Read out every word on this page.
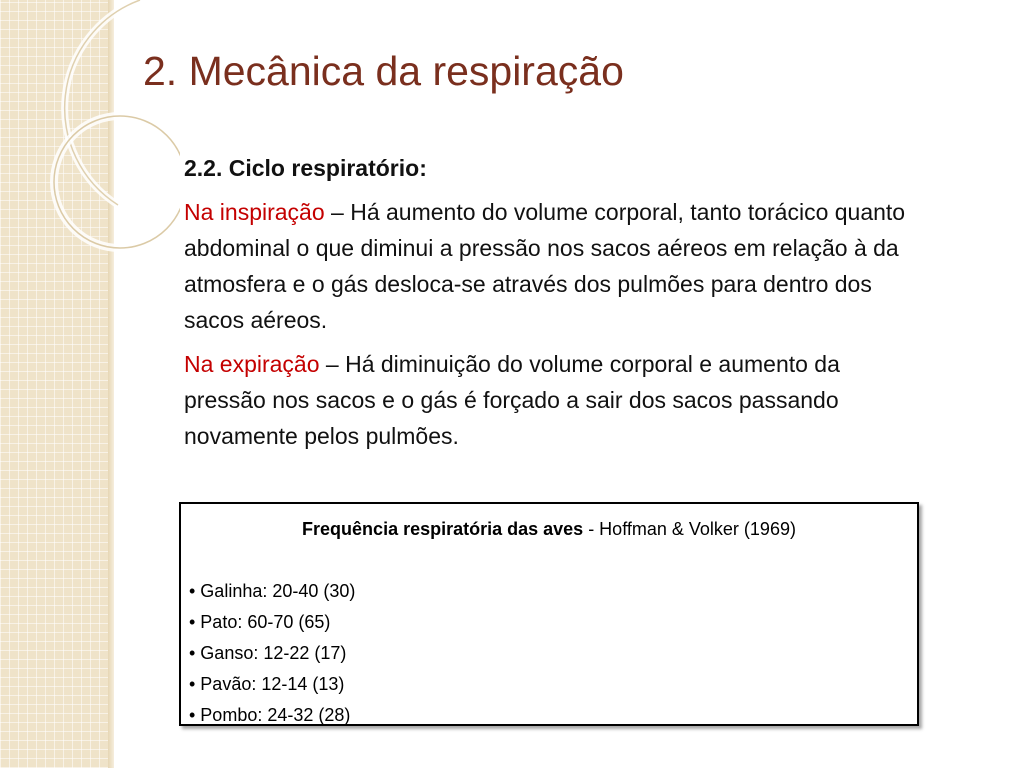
2. Mecânica da respiração

2.2. Ciclo respiratório:

Na inspiração – Há aumento do volume corporal, tanto torácico quanto abdominal o que diminui a pressão nos sacos aéreos em relação à da atmosfera e o gás desloca-se através dos pulmões para dentro dos sacos aéreos.

Na expiração – Há diminuição do volume corporal e aumento da pressão nos sacos e o gás é forçado a sair dos sacos passando novamente pelos pulmões.

Frequência respiratória das aves - Hoffman & Volker (1969)
• Galinha: 20-40 (30)
• Pato: 60-70 (65)
• Ganso: 12-22 (17)
• Pavão: 12-14 (13)
• Pombo: 24-32 (28)
